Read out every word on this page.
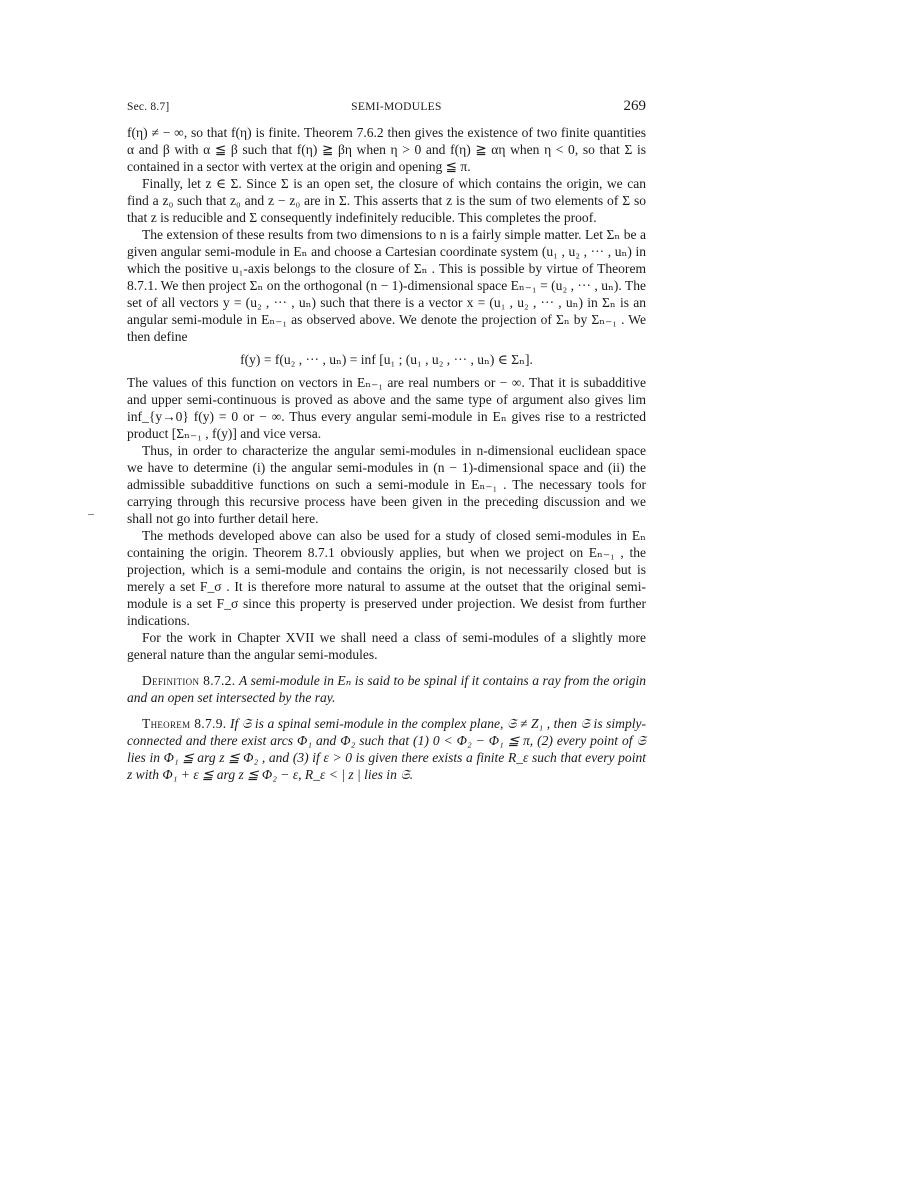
Sec. 8.7]	SEMI-MODULES	269

f(η) ≠ − ∞, so that f(η) is finite. Theorem 7.6.2 then gives the existence of two finite quantities α and β with α ≦ β such that f(η) ≧ βη when η > 0 and f(η) ≧ αη when η < 0, so that Σ is contained in a sector with vertex at the origin and opening ≦ π.

Finally, let z ∈ Σ. Since Σ is an open set, the closure of which contains the origin, we can find a z₀ such that z₀ and z − z₀ are in Σ. This asserts that z is the sum of two elements of Σ so that z is reducible and Σ consequently indefinitely reducible. This completes the proof.

The extension of these results from two dimensions to n is a fairly simple matter. Let Σₙ be a given angular semi-module in Eₙ and choose a Cartesian coordinate system (u₁ , u₂ , ··· , uₙ) in which the positive u₁-axis belongs to the closure of Σₙ . This is possible by virtue of Theorem 8.7.1. We then project Σₙ on the orthogonal (n − 1)-dimensional space Eₙ₋₁ = (u₂ , ··· , uₙ). The set of all vectors y = (u₂ , ··· , uₙ) such that there is a vector x = (u₁ , u₂ , ··· , uₙ) in Σₙ is an angular semi-module in Eₙ₋₁ as observed above. We denote the projection of Σₙ by Σₙ₋₁ . We then define

f(y) = f(u₂ , ··· , uₙ) = inf [u₁ ; (u₁ , u₂ , ··· , uₙ) ∈ Σₙ].

The values of this function on vectors in Eₙ₋₁ are real numbers or − ∞. That it is subadditive and upper semi-continuous is proved as above and the same type of argument also gives lim inf_{y→0} f(y) = 0 or − ∞. Thus every angular semi-module in Eₙ gives rise to a restricted product [Σₙ₋₁ , f(y)] and vice versa.

Thus, in order to characterize the angular semi-modules in n-dimensional euclidean space we have to determine (i) the angular semi-modules in (n − 1)-dimensional space and (ii) the admissible subadditive functions on such a semi-module in Eₙ₋₁ . The necessary tools for carrying through this recursive process have been given in the preceding discussion and we shall not go into further detail here.

The methods developed above can also be used for a study of closed semi-modules in Eₙ containing the origin. Theorem 8.7.1 obviously applies, but when we project on Eₙ₋₁ , the projection, which is a semi-module and contains the origin, is not necessarily closed but is merely a set F_σ . It is therefore more natural to assume at the outset that the original semi-module is a set F_σ since this property is preserved under projection. We desist from further indications.

For the work in Chapter XVII we shall need a class of semi-modules of a slightly more general nature than the angular semi-modules.

Definition 8.7.2. A semi-module in Eₙ is said to be spinal if it contains a ray from the origin and an open set intersected by the ray.

Theorem 8.7.9. If 𝔖 is a spinal semi-module in the complex plane, 𝔖 ≠ Z₁ , then 𝔖 is simply-connected and there exist arcs Φ₁ and Φ₂ such that (1) 0 < Φ₂ − Φ₁ ≦ π, (2) every point of 𝔖 lies in Φ₁ ≦ arg z ≦ Φ₂ , and (3) if ε > 0 is given there exists a finite R_ε such that every point z with Φ₁ + ε ≦ arg z ≦ Φ₂ − ε, R_ε < | z | lies in 𝔖.
